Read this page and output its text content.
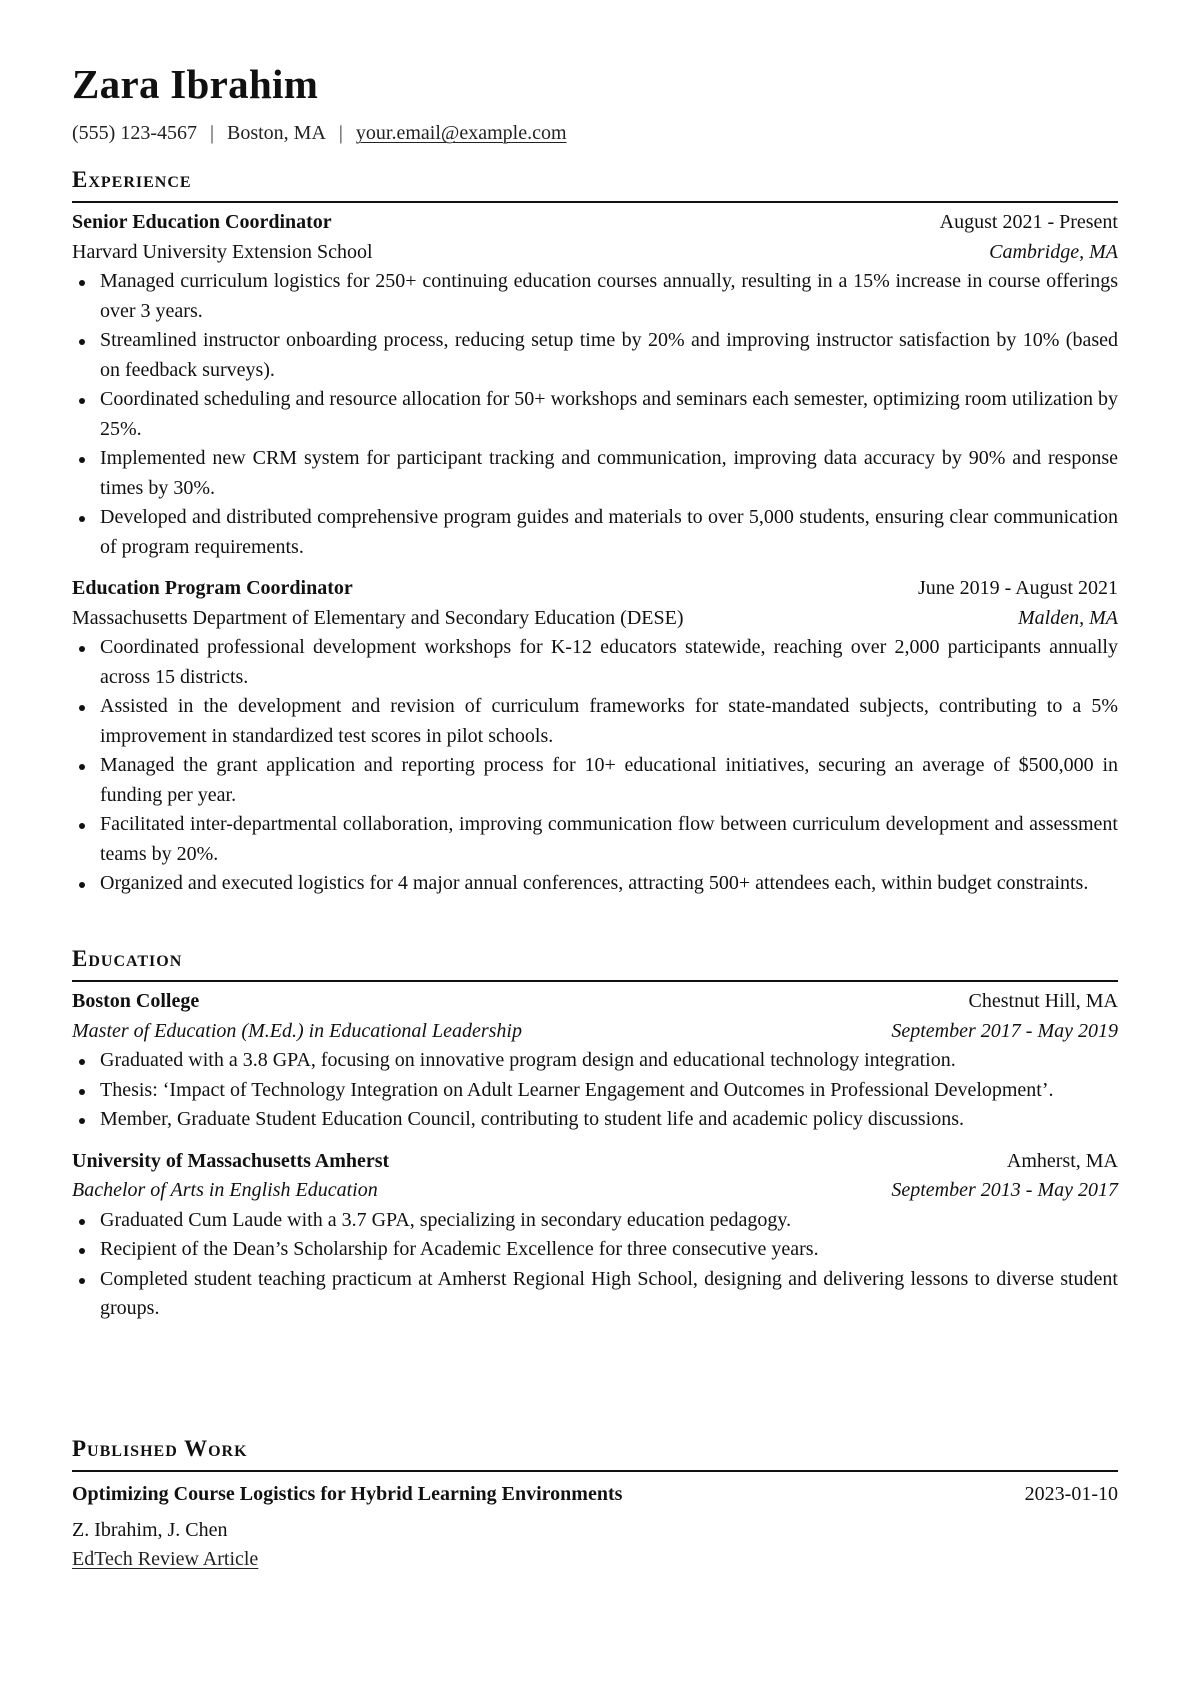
Zara Ibrahim
(555) 123-4567 | Boston, MA | your.email@example.com
Experience
Senior Education Coordinator	August 2021 - Present
Harvard University Extension School	Cambridge, MA
Managed curriculum logistics for 250+ continuing education courses annually, resulting in a 15% increase in course offerings over 3 years.
Streamlined instructor onboarding process, reducing setup time by 20% and improving instructor satisfaction by 10% (based on feedback surveys).
Coordinated scheduling and resource allocation for 50+ workshops and seminars each semester, optimizing room utilization by 25%.
Implemented new CRM system for participant tracking and communication, improving data accuracy by 90% and response times by 30%.
Developed and distributed comprehensive program guides and materials to over 5,000 students, ensuring clear communication of program requirements.
Education Program Coordinator	June 2019 - August 2021
Massachusetts Department of Elementary and Secondary Education (DESE)	Malden, MA
Coordinated professional development workshops for K-12 educators statewide, reaching over 2,000 participants annually across 15 districts.
Assisted in the development and revision of curriculum frameworks for state-mandated subjects, contributing to a 5% improvement in standardized test scores in pilot schools.
Managed the grant application and reporting process for 10+ educational initiatives, securing an average of $500,000 in funding per year.
Facilitated inter-departmental collaboration, improving communication flow between curriculum development and assessment teams by 20%.
Organized and executed logistics for 4 major annual conferences, attracting 500+ attendees each, within budget constraints.
Education
Boston College	Chestnut Hill, MA
Master of Education (M.Ed.) in Educational Leadership	September 2017 - May 2019
Graduated with a 3.8 GPA, focusing on innovative program design and educational technology integration.
Thesis: ‘Impact of Technology Integration on Adult Learner Engagement and Outcomes in Professional Development’.
Member, Graduate Student Education Council, contributing to student life and academic policy discussions.
University of Massachusetts Amherst	Amherst, MA
Bachelor of Arts in English Education	September 2013 - May 2017
Graduated Cum Laude with a 3.7 GPA, specializing in secondary education pedagogy.
Recipient of the Dean’s Scholarship for Academic Excellence for three consecutive years.
Completed student teaching practicum at Amherst Regional High School, designing and delivering lessons to diverse student groups.
Published Work
Optimizing Course Logistics for Hybrid Learning Environments	2023-01-10
Z. Ibrahim, J. Chen
EdTech Review Article
